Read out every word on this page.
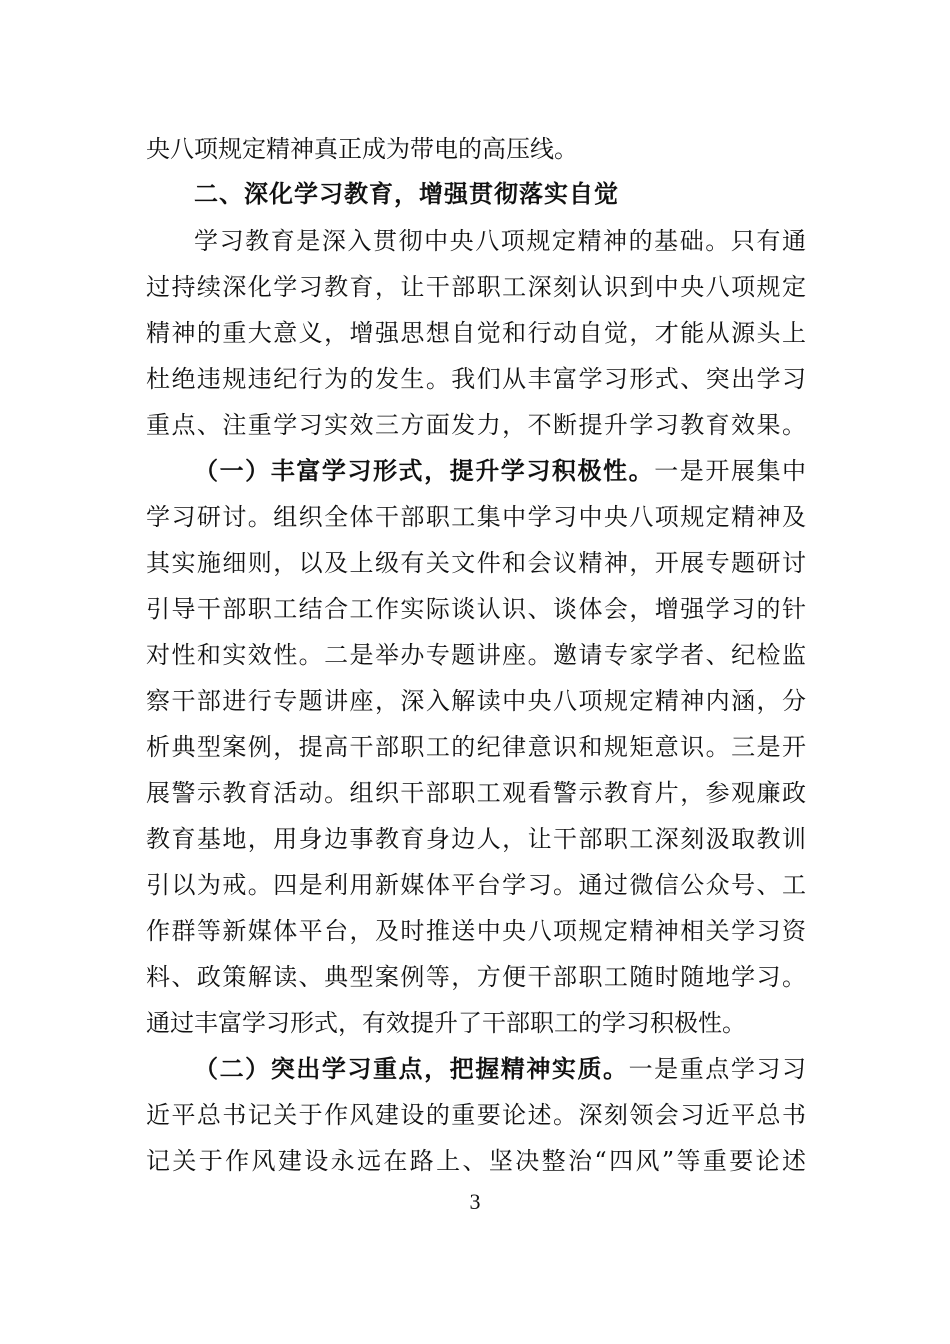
央八项规定精神真正成为带电的高压线。
二、深化学习教育，增强贯彻落实自觉
学习教育是深入贯彻中央八项规定精神的基础。只有通
过持续深化学习教育，让干部职工深刻认识到中央八项规定
精神的重大意义，增强思想自觉和行动自觉，才能从源头上
杜绝违规违纪行为的发生。我们从丰富学习形式、突出学习
重点、注重学习实效三方面发力，不断提升学习教育效果。
（一）丰富学习形式，提升学习积极性。一是开展集中
学习研讨。组织全体干部职工集中学习中央八项规定精神及
其实施细则，以及上级有关文件和会议精神，开展专题研讨
引导干部职工结合工作实际谈认识、谈体会，增强学习的针
对性和实效性。二是举办专题讲座。邀请专家学者、纪检监
察干部进行专题讲座，深入解读中央八项规定精神内涵，分
析典型案例，提高干部职工的纪律意识和规矩意识。三是开
展警示教育活动。组织干部职工观看警示教育片，参观廉政
教育基地，用身边事教育身边人，让干部职工深刻汲取教训
引以为戒。四是利用新媒体平台学习。通过微信公众号、工
作群等新媒体平台，及时推送中央八项规定精神相关学习资
料、政策解读、典型案例等，方便干部职工随时随地学习。
通过丰富学习形式，有效提升了干部职工的学习积极性。
（二）突出学习重点，把握精神实质。一是重点学习习
近平总书记关于作风建设的重要论述。深刻领会习近平总书
记关于作风建设永远在路上、坚决整治“四风”等重要论述
3
